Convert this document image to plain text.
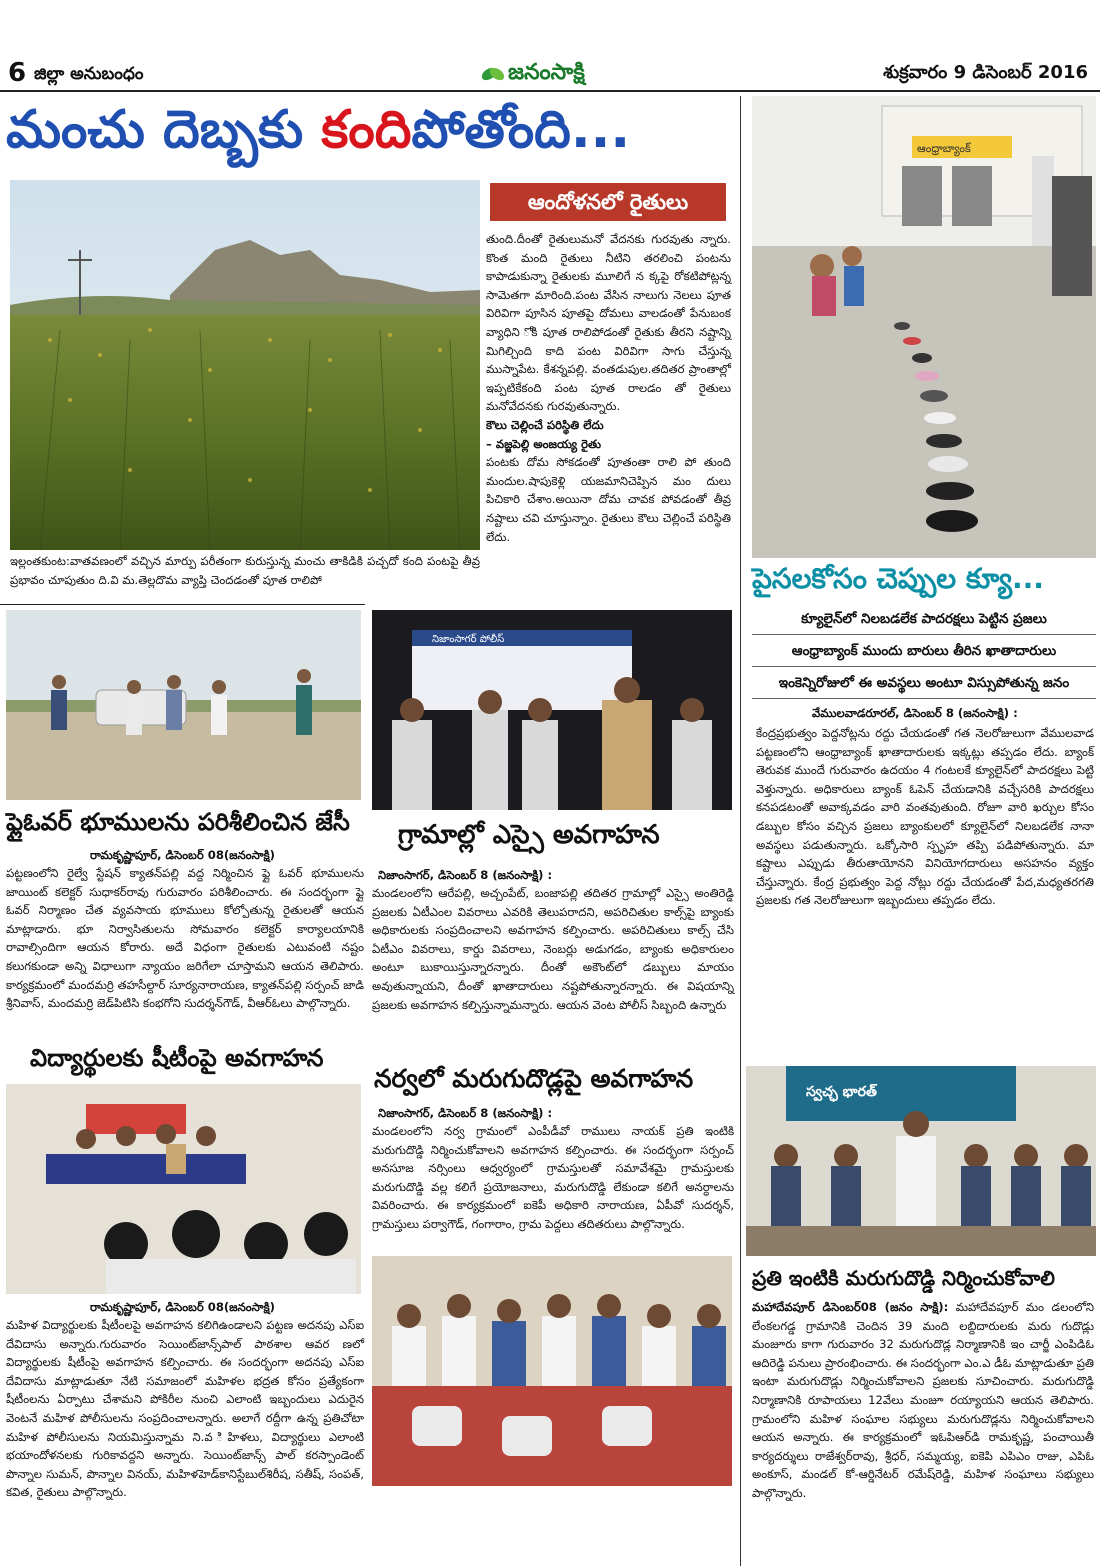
6 జిల్లా అనుబంధం	జనంసాక్షి	శుక్రవారం 9 డిసెంబర్ 2016
మంచు దెబ్బకు కందిపోతోంది...
ఆందోళనలో రైతులు

తుంది.దీంతో రైతులుమనో వేదనకు గురవుతు న్నారు. కొంత మంది రైతులు నీటిని తరలించి పంటను కాపాడుకున్నా రైతులకు మూలిగే న క్కపై రోకటిపోట్లన్న సామెతగా మారింది.పంట వేసిన నాలుగు నెలలు పూత విరివిగా పూసిన పూతపై దోమలు వాలడంతో పేనుబంక వ్యాధిని ోకి పూత రాలిపోడంతో రైతుకు తీరని నష్టాన్ని మిగిల్చింది కాది పంట విరివిగా సాగు చేస్తున్న ముస్నాపేట. కేశన్నపల్లి. వంతడుపుల.తదితర ప్రాంతాల్లో ఇప్పటికేకంది పంట పూత రాలడం తో రైతులు మనోవేదనకు గురవుతున్నారు.

కౌలు చెల్లించే పరిస్థితి లేదు

– వజ్జపెల్లి అంజయ్య రైతు

పంటకు దోమ సోకడంతో పూతంతా రాలి పో తుంది మందుల.షాపుకెళ్లి యజమానిచెప్పిన మం దులు పిచికారి చేశాం.అయినా దోమ చావక పోవడంతో తీవ్ర నష్టాలు చవి చూస్తున్నాం. రైతులు కౌలు చెల్లించే పరిస్థితి లేదు.

ఇల్లంతకుంట:వాతవణంలో వచ్చిన మార్పు పరీతంగా కురుస్తున్న మంచు తాకిడికి పచ్చదో కంది పంటపై తీవ్ర ప్రభావం చూపుతుం ది.వి మ.తెల్లదొమ వ్యాప్తి చెందడంతో పూత రాలిపో
ఆంధ్రాబ్యాంక్
పైసలకోసం చెప్పుల క్యూ...
క్యూలైన్‌లో నిలబడలేక పాదరక్షలు పెట్టిన ప్రజలు
ఆంధ్రాబ్యాంక్ ముందు బారులు తీరిన ఖాతాదారులు
ఇంకెన్నిరోజులో ఈ అవస్థలు అంటూ విస్సుపోతున్న జనం
వేములవాడరూరల్, డిసెంబర్ 8 (జనంసాక్షి) :
కేంద్రప్రభుత్వం పెద్దనోట్లను రద్దు చేయడంతో గత నెలరోజులుగా వేములవాడ పట్టణంలోని ఆంధ్రాబ్యాంక్ ఖాతాదారులకు ఇక్కట్లు తప్పడం లేదు. బ్యాంక్ తెరువక ముందే గురువారం ఉదయం 4 గంటలకే క్యూలైన్‌లో పాదరక్షలు పెట్టి వెళ్తున్నారు. అధికారులు బ్యాంక్ ఓపెన్ చేయడానికి వచ్చేసరికి పాదరక్షలు కనపడటంతో అవాక్కవడం వారి వంతవుతుంది. రోజూ వారి ఖర్చుల కోసం డబ్బుల కోసం వచ్చిన ప్రజలు బ్యాంకులలో క్యూలైన్‌లో నిలబడలేక నానా అవస్థలు పడుతున్నారు. ఒక్కోసారి స్పృహ తప్పి పడిపోతున్నారు. మా కష్టాలు ఎప్పుడు తీరుతాయోనని వినియోగదారులు అసహనం వ్యక్తం చేస్తున్నారు. కేంద్ర ప్రభుత్వం పెద్ద నోట్లు రద్దు చేయడంతో పేద,మధ్యతరగతి ప్రజలకు గత నెలరోజులుగా ఇబ్బందులు తప్పడం లేదు.
ఫ్లైఓవర్ భూములను పరిశీలించిన జేసీ
రామకృష్ణాపూర్, డిసెంబర్ 08(జనంసాక్షి)
పట్టణంలోని రైల్వే స్టేషన్ క్యాతన్‌పల్లి వద్ద నిర్మించిన ఫ్లై ఓవర్ భూములను జాయింట్ కలెక్టర్ సుధాకర్‌రావు గురువారం పరిశీలించారు. ఈ సందర్భంగా ఫ్లై ఓవర్ నిర్మాణం చేత వ్యవసాయ భూములు కోల్పోతున్న రైతులతో ఆయన మాట్లాడారు. భూ నిర్వాసితులను సోమవారం కలెక్టర్ కార్యాలయానికి రావాల్సిందిగా ఆయన కోరారు. అదే విధంగా రైతులకు ఎటువంటి నష్టం కలుగకుండా అన్ని విధాలుగా న్యాయం జరిగేలా చూస్తామని ఆయన తెలిపారు. కార్యక్రమంలో మందమర్రి తహసీల్దార్ సూర్యనారాయణ, క్యాతన్‌పల్లి సర్పంచ్ జాడి శ్రీనివాస్, మందమర్రి జెడ్‌పిటిసి కంభగోని సుదర్శన్‌గౌడ్, వీఆర్‌ఓలు పాల్గొన్నారు.
నిజాంసాగర్ పోలీస్
గ్రామాల్లో ఎస్సై అవగాహన
నిజాంసాగర్, డిసెంబర్ 8 (జనంసాక్షి) :
మండలంలోని ఆరేపల్లి, అచ్చంపేట్, బంజాపల్లి తదితర గ్రామాల్లో ఎస్సై అంతిరెడ్డి ప్రజలకు ఏటీఎంల వివరాలు ఎవరికి తెలుపరాదని, అపరిచితుల కాల్స్‌పై బ్యాంకు అధికారులకు సంప్రదించాలని అవగాహన కల్పించారు. అపరిచితులు కాల్స్ చేసి ఏటీఎం వివరాలు, కార్డు వివరాలు, నెంబర్లు అడుగడం, బ్యాంకు అధికారులం అంటూ బుకాయిస్తున్నారన్నారు. దీంతో అకౌంట్‌లో డబ్బులు మాయం అవుతున్నాయని, దీంతో ఖాతాదారులు నష్టపోతున్నారన్నారు. ఈ విషయాన్ని ప్రజలకు అవగాహన కల్పిస్తున్నామన్నారు. ఆయన వెంట పోలీస్ సిబ్బంది ఉన్నారు
విద్యార్థులకు షీటీంపై అవగాహన
రామకృష్ణాపూర్, డిసెంబర్ 08(జనంసాక్షి)
మహిళ విద్యార్థులకు షీటీంలపై అవగాహన కలిగిఉండాలని పట్టణ అదనపు ఎస్ఐ దేవిదాసు అన్నారు.గురువారం సెయింట్‌జాన్స్‌పాల్ పాఠశాల ఆవర ణలో విద్యార్థులకు షీటీంపై అవగాహన కల్పించారు. ఈ సందర్భంగా అదనపు ఎస్ఐ దేవిదాసు మాట్లాడుతూ నేటి సమాజంలో మహిళల భద్రత కోసం ప్రత్యేకంగా షీటీంలను ఏర్పాటు చేశామని పోకిరీల నుంచి ఎలాంటి ఇబ్బందులు ఎదురైన వెంటనే మహిళ పోలీసులను సంప్రదించాలన్నారు. అలాగే రద్దీగా ఉన్న ప్రతిచోటా మహిళ పోలీసులను నియమిస్తున్నామ ని.వ ిహిళలు, విద్యార్థులు ఎలాంటి భయాందోళనలకు గురికావద్దని అన్నారు. సెయింట్‌జాన్స్ పాల్ కరస్పాండెంట్ పొన్నాల సుమన్, పొన్నాల వినయ్, మహిళహెడ్‌కానిస్టేబుల్‌శిరీష, సతీష్, సంపత్, కవిత, రైతులు పాల్గొన్నారు.
నర్వలో మరుగుదొడ్లపై అవగాహన
నిజాంసాగర్, డిసెంబర్ 8 (జనంసాక్షి) :
మండలంలోని నర్వ గ్రామంలో ఎంపీడీవో రాములు నాయక్ ప్రతి ఇంటికి మరుగుదొడ్డి నిర్మించుకోవాలని అవగాహన కల్పించారు. ఈ సందర్భంగా సర్పంచ్ అనసూజ నర్సింలు ఆధ్వర్యంలో గ్రామస్తులతో సమావేశమై గ్రామస్తులకు మరుగుదొడ్డి వల్ల కలిగే ప్రయోజనాలు, మరుగుదొడ్డి లేకుండా కలిగే అనర్ధాలను వివరించారు. ఈ కార్యక్రమంలో ఐకెపీ అధికారి నారాయణ, ఏపీవో సుదర్శన్, గ్రామస్తులు పర్వాగౌడ్, గంగారాం, గ్రామ పెద్దలు తదితరులు పాల్గొన్నారు.
స్వచ్ఛ భారత్
ప్రతి ఇంటికి మరుగుదొడ్డి నిర్మించుకోవాలి
మహాదేవపూర్ డిసెంబర్08 (జనం సాక్షి): మహాదేవపూర్ మం డలంలోని లేంకలగడ్డ గ్రామానికి చెందిన 39 మంది లబ్దిదారులకు మరు గుదొడ్లు మంజూరు కాగా గురువారం 32 మరుగుదొడ్ల నిర్మాణానికి ఇం చార్జీ ఎంపిడిఓ ఆదిరెడ్డి పనులు ప్రారంభించారు. ఈ సందర్భంగా ఎం.ఎ డీఓ మాట్లాడుతూ ప్రతి ఇంటా మరుగుదొడ్లు నిర్మించుకోవాలని ప్రజలకు సూచించారు. మరుగుదొడ్డి నిర్మాణానికి రూపాయలు 12వేలు మంజూ రయ్యాయని ఆయన తెలిపారు. గ్రామంలోని మహిళ సంఘాల సభ్యులు మరుగుదొడ్లను నిర్మించుకోవాలని ఆయన అన్నారు. ఈ కార్యక్రమంలో ఇఓపిఆర్‌డి రామకృష్ణ, పంచాయితీ కార్యదర్శులు రాజేశ్వర్‌రావు, శ్రీధర్, సమ్మయ్య, ఐకెపి ఎపిఎం రాజు, ఎపిఓ అంకూస్, మండల్ కో-ఆర్డినేటర్ రమేష్‌రెడ్డి, మహిళ సంఘాలు సభ్యులు పాల్గొన్నారు.
